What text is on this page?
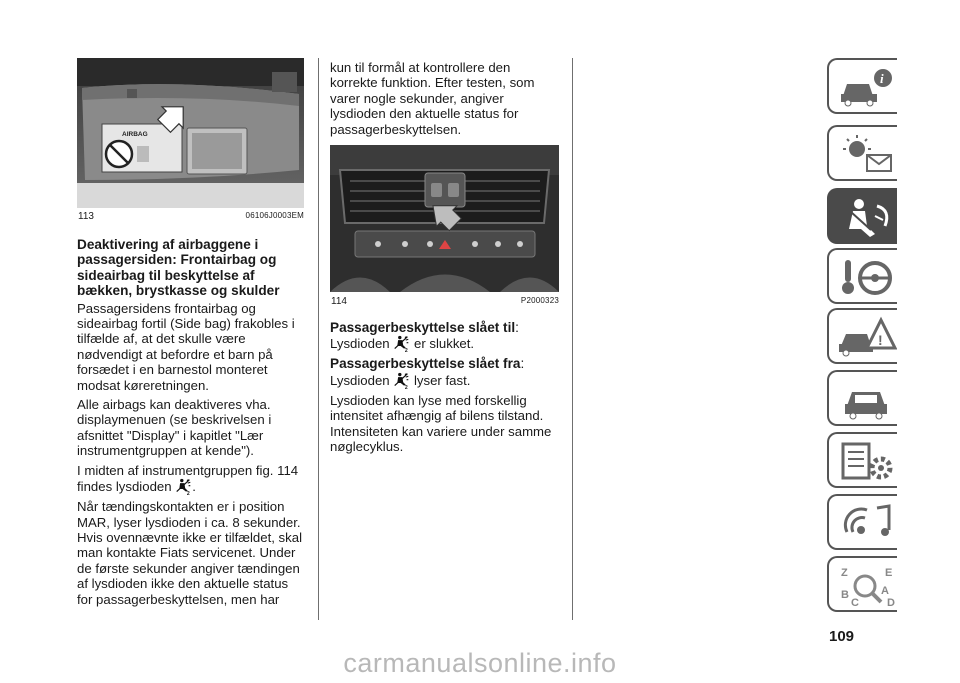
AIRBAG
113	06106J0003EM
Deaktivering af airbaggene i passagersiden: Frontairbag og sideairbag til beskyttelse af bækken, brystkasse og skulder

Passagersidens frontairbag og sideairbag fortil (Side bag) frakobles i tilfælde af, at det skulle være nødvendigt at befordre et barn på forsædet i en barnestol monteret modsat køreretningen.

Alle airbags kan deaktiveres vha. displaymenuen (se beskrivelsen i afsnittet "Display" i kapitlet "Lær instrumentgruppen at kende").

I midten af instrumentgruppen fig. 114 findes lysdioden	2 .

Når tændingskontakten er i position MAR, lyser lysdioden i ca. 8 sekunder. Hvis ovennævnte ikke er tilfældet, skal man kontakte Fiats servicenet. Under de første sekunder angiver tændingen af lysdioden ikke den aktuelle status for passagerbeskyttelsen, men har

kun til formål at kontrollere den korrekte funktion. Efter testen, som varer nogle sekunder, angiver lysdioden den aktuelle status for passagerbeskyttelsen.

114	P2000323
Passagerbeskyttelse slået til:

Lysdioden	2 er slukket.

Passagerbeskyttelse slået fra:

Lysdioden	2 lyser fast.

Lysdioden kan lyse med forskellig intensitet afhængig af bilens tilstand. Intensiteten kan variere under samme nøglecyklus.

i
!
Z	E
B	A
C	D
109
carmanualsonline.info
